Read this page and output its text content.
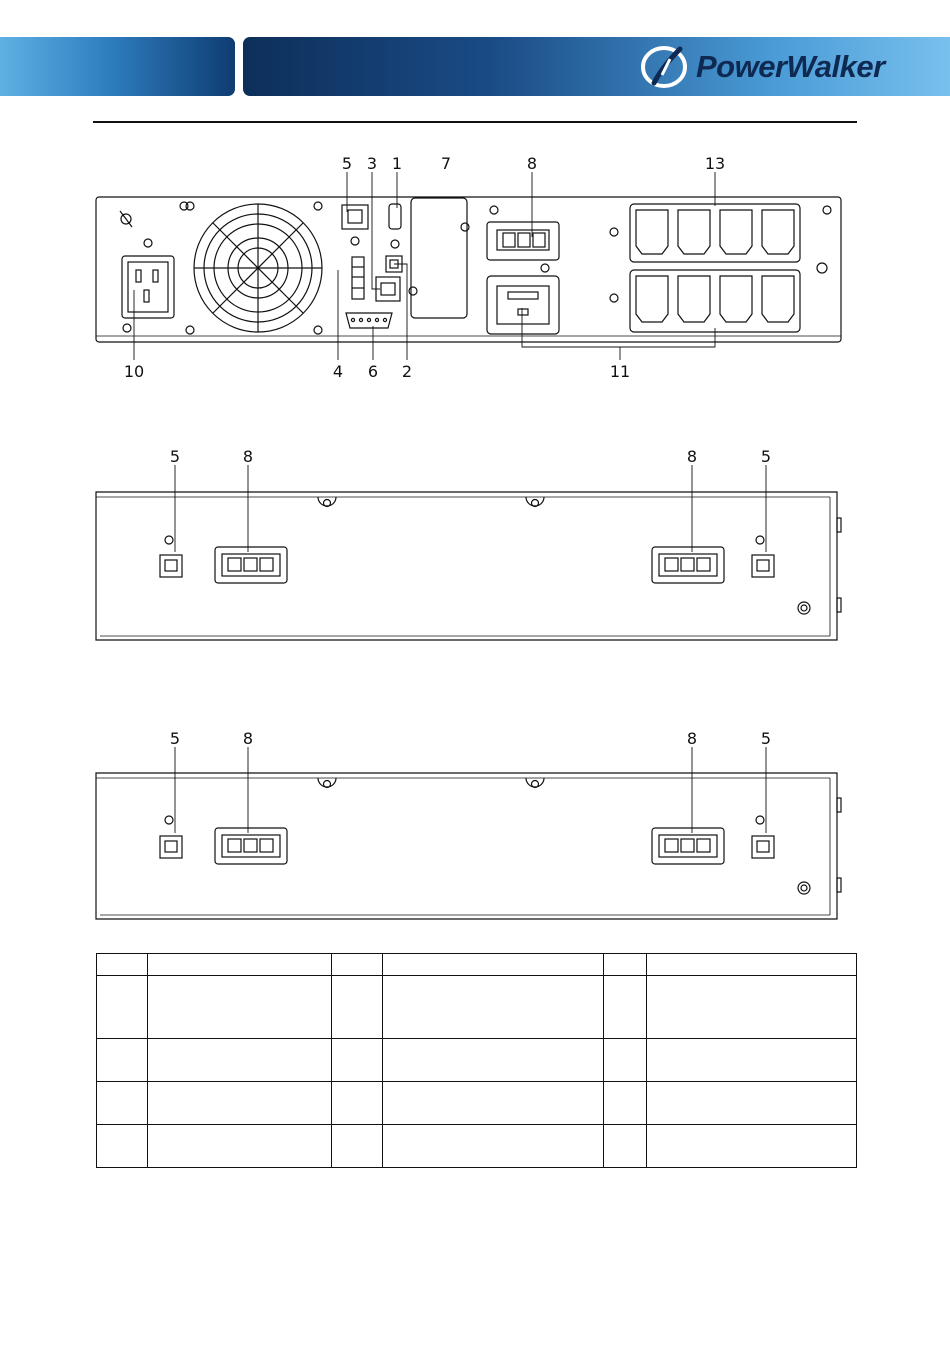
PowerWalker
5 3 1 7	8	13
10	4 6 2	11
5	8	8	5
5	8	8	5
